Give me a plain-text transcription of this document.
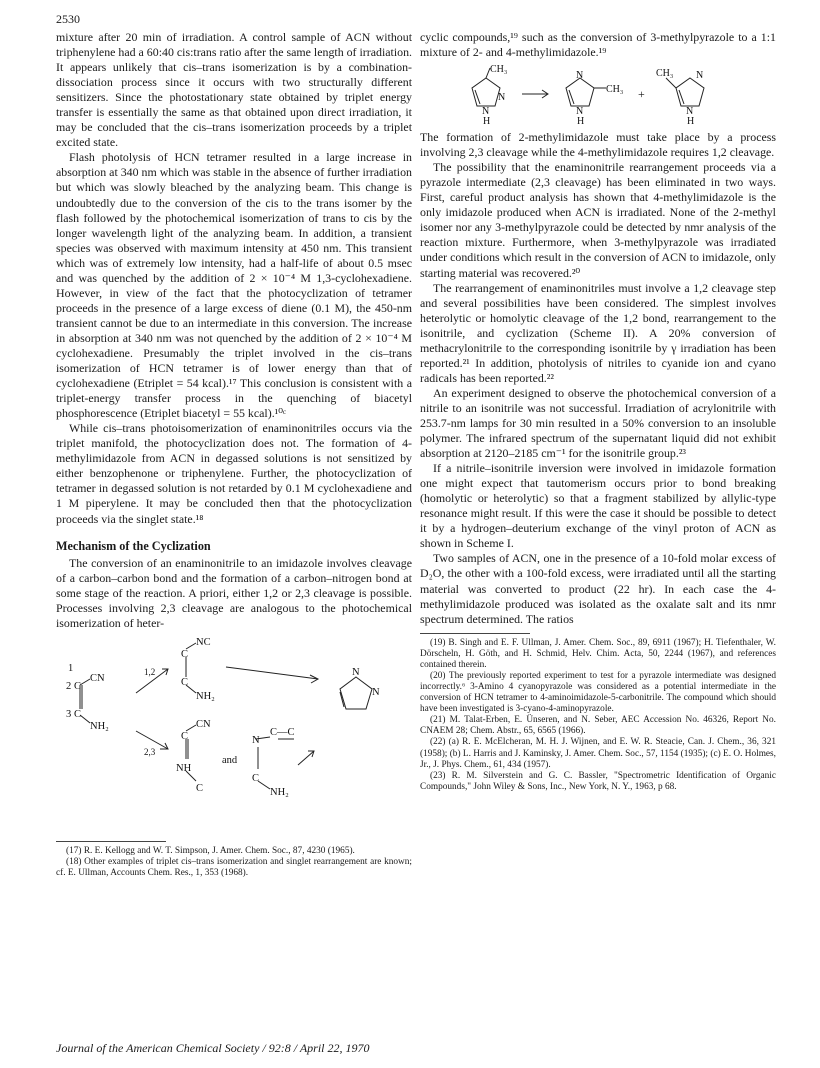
2530

mixture after 20 min of irradiation. A control sample of ACN without triphenylene had a 60:40 cis:trans ratio after the same length of irradiation. It appears unlikely that cis–trans isomerization is by a combination-dissociation process since it occurs with two structurally different sensitizers. Since the photostationary state obtained by triplet energy transfer is essentially the same as that obtained upon direct irradiation, it may be concluded that the cis–trans isomerization proceeds by a triplet excited state.

Flash photolysis of HCN tetramer resulted in a large increase in absorption at 340 nm which was stable in the absence of further irradiation but which was slowly bleached by the analyzing beam. This change is undoubtedly due to the conversion of the cis to the trans isomer by the flash followed by the photochemical isomerization of trans to cis by the longer wavelength light of the analyzing beam. In addition, a transient species was observed with maximum intensity at 450 nm. This transient which was of extremely low intensity, had a half-life of about 0.5 msec and was quenched by the addition of 2 × 10⁻⁴ M 1,3-cyclohexadiene. However, in view of the fact that the photocyclization of tetramer proceeds in the presence of a large excess of diene (0.1 M), the 450-nm transient cannot be due to an intermediate in this conversion. The increase in absorption at 340 nm was not quenched by the addition of 2 × 10⁻⁴ M cyclohexadiene. Presumably the triplet involved in the cis–trans isomerization of HCN tetramer is of lower energy than that of cyclohexadiene (Etriplet = 54 kcal).¹⁷ This conclusion is consistent with a triplet-energy transfer process in the quenching of biacetyl phosphorescence (Etriplet biacetyl = 55 kcal).¹⁰ᶜ

While cis–trans photoisomerization of enaminonitriles occurs via the triplet manifold, the photocyclization does not. The formation of 4-methylimidazole from ACN in degassed solutions is not sensitized by either benzophenone or triphenylene. Further, the photocyclization of tetramer in degassed solution is not retarded by 0.1 M cyclohexadiene and 1 M piperylene. It may be concluded then that the photocyclization proceeds via the singlet state.¹⁸

Mechanism of the Cyclization

The conversion of an enaminonitrile to an imidazole involves cleavage of a carbon–carbon bond and the formation of a carbon–nitrogen bond at some stage of the reaction. A priori, either 1,2 or 2,3 cleavage is possible. Processes involving 2,3 cleavage are analogous to the photochemical isomerization of heter-

1
CN
2 C
3 C
NH₂
1,2
2,3
NC
C
C
NH₂
N
N
CN
C
NH
C
and
N
C—C
C
NH₂

(17) R. E. Kellogg and W. T. Simpson, J. Amer. Chem. Soc., 87, 4230 (1965).

(18) Other examples of triplet cis–trans isomerization and singlet rearrangement are known; cf. E. Ullman, Accounts Chem. Res., 1, 353 (1968).

cyclic compounds,¹⁹ such as the conversion of 3-methylpyrazole to a 1:1 mixture of 2- and 4-methylimidazole.¹⁹

CH₃
N
N
H
N
CH₃
N
H
+
CH₃ N
N
H

The formation of 2-methylimidazole must take place by a process involving 2,3 cleavage while the 4-methylimidazole requires 1,2 cleavage.

The possibility that the enaminonitrile rearrangement proceeds via a pyrazole intermediate (2,3 cleavage) has been eliminated in two ways. First, careful product analysis has shown that 4-methylimidazole is the only imidazole produced when ACN is irradiated. None of the 2-methyl isomer nor any 3-methylpyrazole could be detected by nmr analysis of the reaction mixture. Furthermore, when 3-methylpyrazole was irradiated under conditions which result in the conversion of ACN to imidazole, only starting material was recovered.²⁰

The rearrangement of enaminonitriles must involve a 1,2 cleavage step and several possibilities have been considered. The simplest involves heterolytic or homolytic cleavage of the 1,2 bond, rearrangement to the isonitrile, and cyclization (Scheme II). A 20% conversion of methacrylonitrile to the corresponding isonitrile by γ irradiation has been reported.²¹ In addition, photolysis of nitriles to cyanide ion and cyano radicals has been reported.²²

An experiment designed to observe the photochemical conversion of a nitrile to an isonitrile was not successful. Irradiation of acrylonitrile with 253.7-nm lamps for 30 min resulted in a 50% conversion to an insoluble polymer. The infrared spectrum of the supernatant liquid did not exhibit absorption at 2120–2185 cm⁻¹ for the isonitrile group.²³

If a nitrile–isonitrile inversion were involved in imidazole formation one might expect that tautomerism occurs prior to bond breaking (homolytic or heterolytic) so that a fragment stabilized by allylic-type resonance might result. If this were the case it should be possible to detect it by a hydrogen–deuterium exchange of the vinyl proton of ACN as shown in Scheme I.

Two samples of ACN, one in the presence of a 10-fold molar excess of D₂O, the other with a 100-fold excess, were irradiated until all the starting material was converted to product (22 hr). In each case the 4-methylimidazole produced was isolated as the oxalate salt and its nmr spectrum determined. The ratios

(19) B. Singh and E. F. Ullman, J. Amer. Chem. Soc., 89, 6911 (1967); H. Tiefenthaler, W. Dörscheln, H. Göth, and H. Schmid, Helv. Chim. Acta, 50, 2244 (1967), and references contained therein.

(20) The previously reported experiment to test for a pyrazole intermediate was designed incorrectly.⁶ 3-Amino 4 cyanopyrazole was considered as a potential intermediate in the conversion of HCN tetramer to 4-aminoimidazole-5-carbonitrile. The compound which should have been investigated is 3-cyano-4-aminopyrazole.

(21) M. Talat-Erben, E. Ünseren, and N. Seber, AEC Accession No. 46326, Report No. CNAEM 28; Chem. Abstr., 65, 6565 (1966).

(22) (a) R. E. McElcheran, M. H. J. Wijnen, and E. W. R. Steacie, Can. J. Chem., 36, 321 (1958); (b) L. Harris and J. Kaminsky, J. Amer. Chem. Soc., 57, 1154 (1935); (c) E. O. Holmes, Jr., J. Phys. Chem., 61, 434 (1957).

(23) R. M. Silverstein and G. C. Bassler, "Spectrometric Identification of Organic Compounds," John Wiley & Sons, Inc., New York, N. Y., 1963, p 68.

Journal of the American Chemical Society / 92:8 / April 22, 1970
